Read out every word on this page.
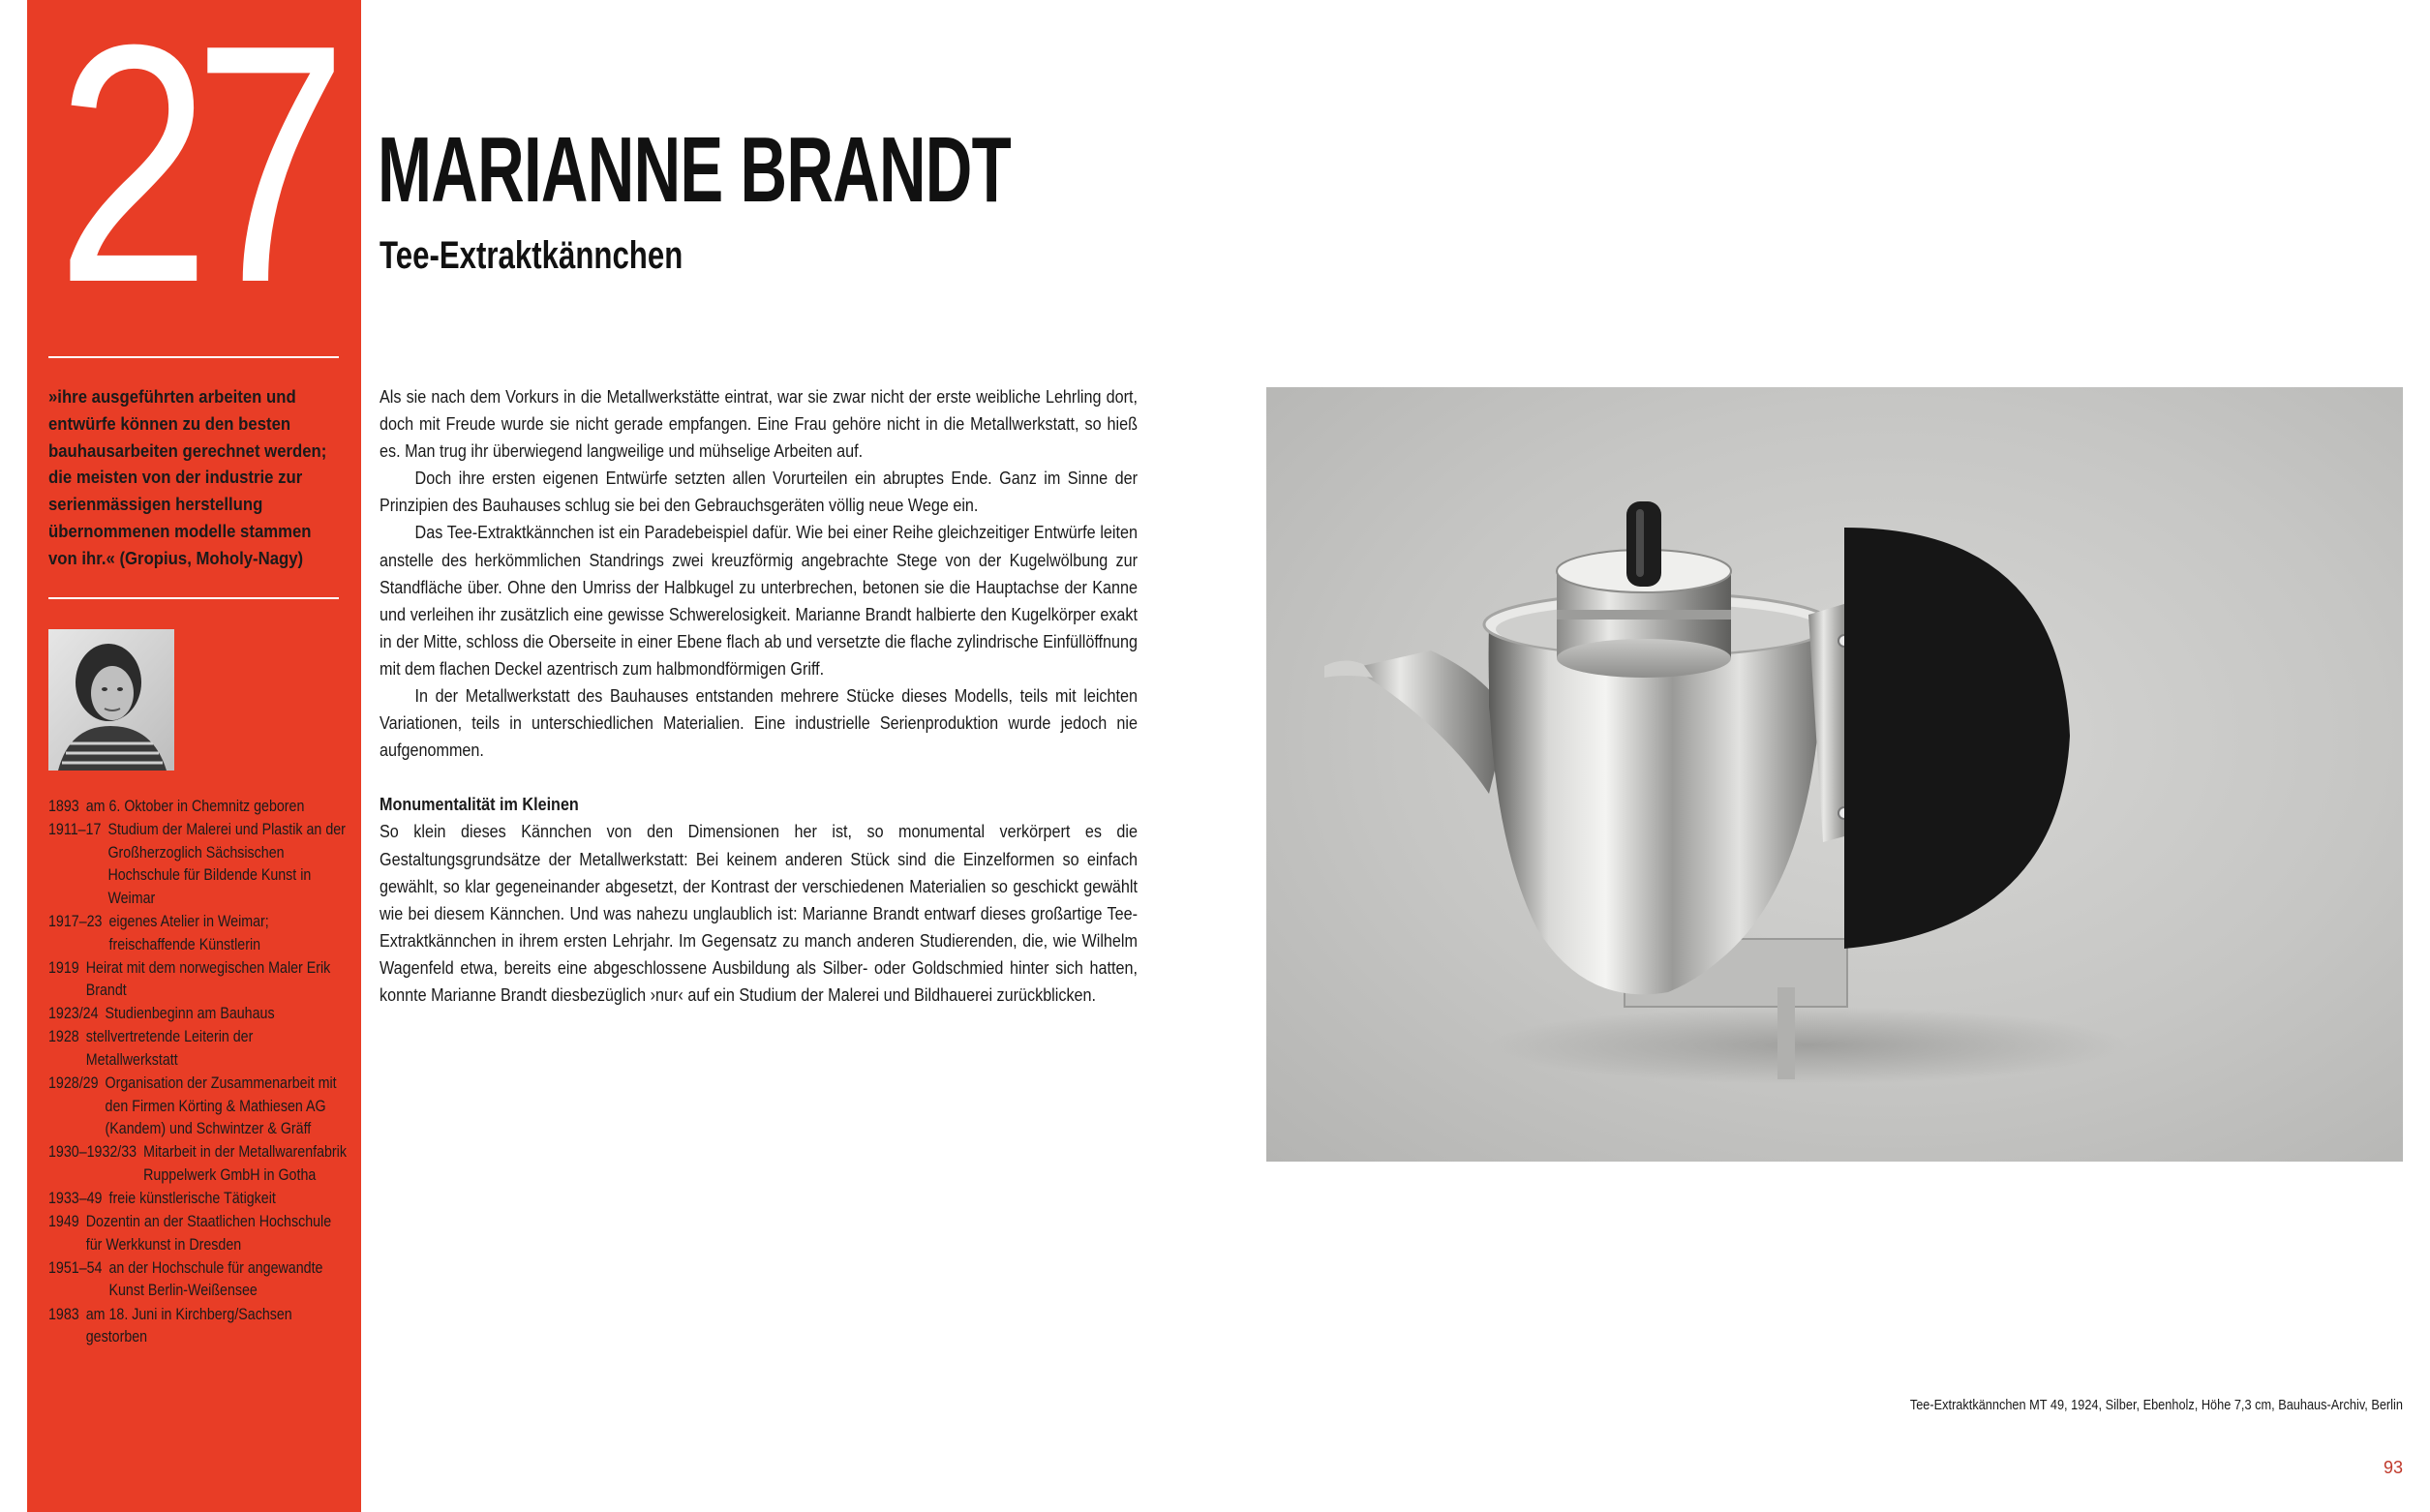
27

»ihre ausgeführten arbeiten und entwürfe können zu den besten bauhausarbeiten gerechnet werden; die meisten von der industrie zur serienmässigen herstellung übernommenen modelle stammen von ihr.« (Gropius, Moholy-Nagy)

1893 am 6. Oktober in Chemnitz geboren
1911–17 Studium der Malerei und Plastik an der Großherzoglich Sächsischen Hochschule für Bildende Kunst in Weimar
1917–23 eigenes Atelier in Weimar; freischaffende Künstlerin
1919 Heirat mit dem norwegischen Maler Erik Brandt
1923/24 Studienbeginn am Bauhaus
1928 stellvertretende Leiterin der Metallwerkstatt
1928/29 Organisation der Zusammenarbeit mit den Firmen Körting & Mathiesen AG (Kandem) und Schwintzer & Gräff
1930–1932/33 Mitarbeit in der Metallwarenfabrik Ruppelwerk GmbH in Gotha
1933–49 freie künstlerische Tätigkeit
1949 Dozentin an der Staatlichen Hochschule für Werkkunst in Dresden
1951–54 an der Hochschule für angewandte Kunst Berlin-Weißensee
1983 am 18. Juni in Kirchberg/Sachsen gestorben
MARIANNE BRANDT
Tee-Extraktkännchen

Als sie nach dem Vorkurs in die Metallwerkstätte eintrat, war sie zwar nicht der erste weibliche Lehrling dort, doch mit Freude wurde sie nicht gerade empfangen. Eine Frau gehöre nicht in die Metallwerkstatt, so hieß es. Man trug ihr überwiegend langweilige und mühselige Arbeiten auf.

Doch ihre ersten eigenen Entwürfe setzten allen Vorurteilen ein abruptes Ende. Ganz im Sinne der Prinzipien des Bauhauses schlug sie bei den Gebrauchsgeräten völlig neue Wege ein.

Das Tee-Extraktkännchen ist ein Paradebeispiel dafür. Wie bei einer Reihe gleichzeitiger Entwürfe leiten anstelle des herkömmlichen Standrings zwei kreuzförmig angebrachte Stege von der Kugelwölbung zur Standfläche über. Ohne den Umriss der Halbkugel zu unterbrechen, betonen sie die Hauptachse der Kanne und verleihen ihr zusätzlich eine gewisse Schwerelosigkeit. Marianne Brandt halbierte den Kugelkörper exakt in der Mitte, schloss die Oberseite in einer Ebene flach ab und versetzte die flache zylindrische Einfüllöffnung mit dem flachen Deckel azentrisch zum halbmondförmigen Griff.

In der Metallwerkstatt des Bauhauses entstanden mehrere Stücke dieses Modells, teils mit leichten Variationen, teils in unterschiedlichen Materialien. Eine industrielle Serienproduktion wurde jedoch nie aufgenommen.

Monumentalität im Kleinen

So klein dieses Kännchen von den Dimensionen her ist, so monumental verkörpert es die Gestaltungsgrundsätze der Metallwerkstatt: Bei keinem anderen Stück sind die Einzelformen so einfach gewählt, so klar gegeneinander abgesetzt, der Kontrast der verschiedenen Materialien so geschickt gewählt wie bei diesem Kännchen. Und was nahezu unglaublich ist: Marianne Brandt entwarf dieses großartige Tee-Extraktkännchen in ihrem ersten Lehrjahr. Im Gegensatz zu manch anderen Studierenden, die, wie Wilhelm Wagenfeld etwa, bereits eine abgeschlossene Ausbildung als Silber- oder Goldschmied hinter sich hatten, konnte Marianne Brandt diesbezüglich ›nur‹ auf ein Studium der Malerei und Bildhauerei zurückblicken.

Tee-Extraktkännchen MT 49, 1924, Silber, Ebenholz, Höhe 7,3 cm, Bauhaus-Archiv, Berlin

93
